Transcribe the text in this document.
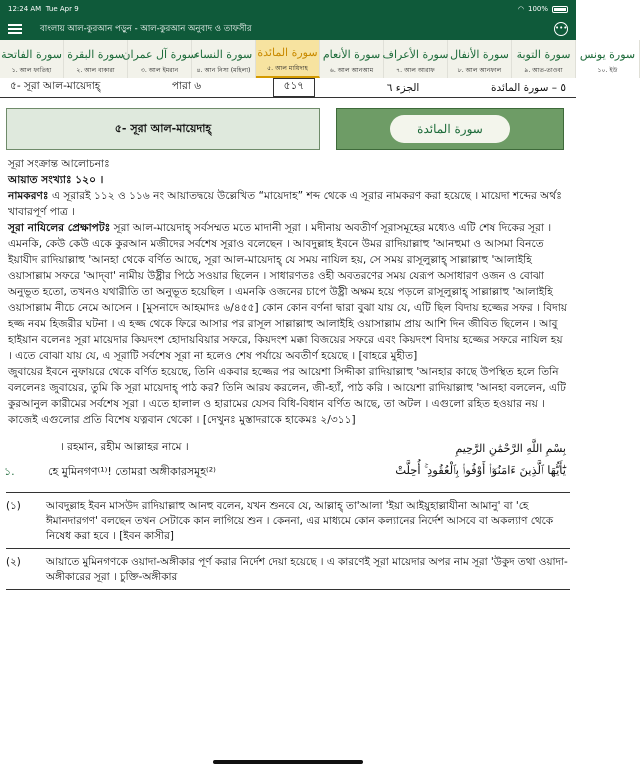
12:24 AM Tue Apr 9	◠ 100%
বাংলায় আল-কুরআন পড়ুন - আল-কুরআন অনুবাদ ও তাফসীর	•••
سورة الفاتحة
১. আল ফাতিহা
سورة البقرة
২. আল বাকারা
سورة آل عمران
৩. আল ইমরান
سورة النساء
৪. আন নিসা (মহিলা)
سورة المائدة
৫. আল মায়িদাহ
سورة الأنعام
৬. আল আনআম
سورة الأعراف
৭. আল আরাফ
سورة الأنفال
৮. আল আনফাল
سورة التوبة
৯. আত-তাওবা
سورة يونس
১০. ইউ
৫- সূরা আল-মায়েদাহ্‌	পারা ৬	৫১৭	الجزء ٦	٥ – سورة المائدة
৫- সূরা আল-মায়েদাহ্‌	سورة المائدة

সূরা সংক্রান্ত আলোচনাঃ

আয়াত সংখ্যাঃ ১২০ ।

নামকরণঃ এ সূরারই ১১২ ও ১১৬ নং আয়াতদ্বয়ে উল্লেখিত “মায়েদাহ” শব্দ থেকে এ সূরার নামকরণ করা হয়েছে । মায়েদা শব্দের অর্থঃ খাবারপূর্ণ পাত্র ।

সূরা নাযিলের প্রেক্ষাপটঃ সূরা আল-মায়েদাহ্‌ সর্বসম্মত মতে মাদানী সূরা । মদীনায় অবতীর্ণ সূরাসমূহের মধ্যেও এটি শেষ দিকের সূরা । এমনকি, কেউ কেউ একে কুরআন মজীদের সর্বশেষ সূরাও বলেছেন । আবদুল্লাহ ইবনে উমর রাদিয়াল্লাহু 'আনহুমা ও আসমা বিনতে ইয়াযীদ রাদিয়াল্লাহু 'আনহা থেকে বর্ণিত আছে, সূরা আল-মায়েদাহ্‌ যে সময় নাযিল হয়, সে সময় রাসূলুল্লাহ্‌ সাল্লাল্লাহু 'আলাইহি ওয়াসাল্লাম সফরে 'আদ্‌বা' নামীয় উষ্ট্রীর পিঠে সওয়ার ছিলেন । সাধারণতঃ ওহী অবতরণের সময় যেরূপ অসাধারণ ওজন ও বোঝা অনুভূত হতো, তখনও যথারীতি তা অনুভূত হয়েছিল । এমনকি ওজনের চাপে উষ্ট্রী অক্ষম হয়ে পড়লে রাসূলুল্লাহ্‌ সাল্লাল্লাহু 'আলাইহি ওয়াসাল্লাম নীচে নেমে আসেন । [মুসনাদে আহমাদঃ ৬/৪৫৫] কোন কোন বর্ণনা দ্বারা বুঝা যায় যে, এটি ছিল বিদায় হজ্জের সফর । বিদায় হজ্জ নবম হিজরীর ঘটনা । এ হজ্জ থেকে ফিরে আসার পর রাসূল সাল্লাল্লাহু আলাইহি ওয়াসাল্লাম প্রায় আশি দিন জীবিত ছিলেন । আবু হাইয়ান বলেনঃ সূরা মায়েদার কিয়দংশ হোদায়বিয়ার সফরে, কিয়দংশ মক্কা বিজয়ের সফরে এবং কিয়দংশ বিদায় হজ্জের সফরে নাযিল হয় । এতে বোঝা যায় যে, এ সূরাটি সর্বশেষ সূরা না হলেও শেষ পর্যায়ে অবতীর্ণ হয়েছে । [বাহরে মুহীত]

জুবায়ের ইবনে নুফায়রে থেকে বর্ণিত হয়েছে, তিনি একবার হজ্জের পর আয়েশা সিদ্দীকা রাদিয়াল্লাহু 'আনহার কাছে উপস্থিত হলে তিনি বললেনঃ জুবায়ের, তুমি কি সূরা মায়েদাহ্‌ পাঠ কর? তিনি আরয করলেন, জী-হ্যাঁ, পাঠ করি । আয়েশা রাদিয়াল্লাহু 'আনহা বললেন, এটি কুরআনুল কারীমের সর্বশেষ সূরা । এতে হালাল ও হারামের যেসব বিধি-বিধান বর্ণিত আছে, তা অটল । এগুলো রহিত হওয়ার নয় । কাজেই এগুলোর প্রতি বিশেষ যত্নবান থেকো । [দেখুনঃ মুস্তাদরাকে হাকেমঃ ২/৩১১]

। রহমান, রহীম আল্লাহর নামে ।	بِسْمِ اللَّهِ الرَّحْمَٰنِ الرَّحِيمِ
১.	হে মুমিনগণ⁽¹⁾! তোমরা অঙ্গীকারসমূহ⁽²⁾	يَٰٓأَيُّهَا ٱلَّذِينَ ءَامَنُوٓا۟ أَوْفُوا۟ بِٱلْعُقُودِ ۚ أُحِلَّتْ
(১)	আবদুল্লাহ ইবন মাসউদ রাদিয়াল্লাহু আনহু বলেন, যখন শুনবে যে, আল্লাহ্‌ তা'আলা 'ইয়া আইয়ুহাল্লাযীনা আমানু' বা 'হে ঈমানদারগণ' বলছেন তখন সেটাকে কান লাগিয়ে শুন । কেননা, এর মাধ্যমে কোন কল্যানের নির্দেশ আসবে বা অকল্যাণ থেকে নিষেধ করা হবে । [ইবন কাসীর]
(২)	আয়াতে মুমিনগণকে ওয়াদা-অঙ্গীকার পূর্ণ করার নির্দেশ দেয়া হয়েছে । এ কারণেই সূরা মায়েদার অপর নাম সূরা 'উকুদ তথা ওয়াদা- অঙ্গীকারের সূরা । চুক্তি-অঙ্গীকার
